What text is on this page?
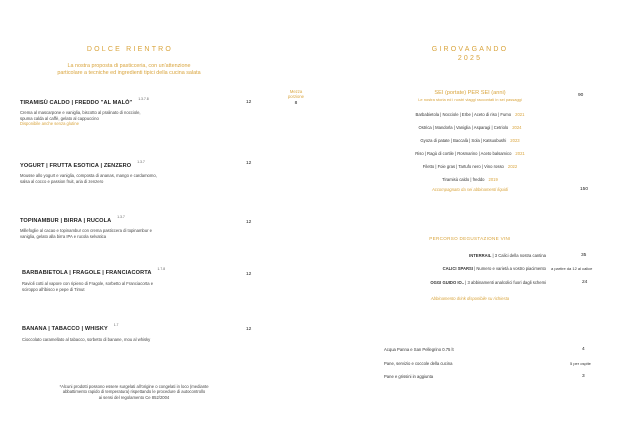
DOLCE RIENTRO
La nostra proposta di pasticceria, con un'attenzione
particolare a tecniche ed ingredienti tipici della cucina salata
TIRAMISÙ CALDO | FREDDO "AL MALÒ"$^{1.3.7.8}$
Crema al mascarpone e vaniglia, biscotto al pralinato di nocciole,
spuma calda al caffè, gelato al cappuccino
Disponibile anche senza glutine
12
YOGURT | FRUTTA ESOTICA | $ZENZERO^{1.3.7}$
Mousse allo yogurt e vaniglia, composta di ananas, mango e cardamomo,
salsa al cocco e passion fruit, aria di zenzero
12
TOPINAMBUR | BIRRA | $RUCOLA^{1.3.7}$
Millefoglie al cacao e topinambur con crema pasticcera di topinambur e
vaniglia, gelato alla birra IPA e rucola selvatica
12
BARBABIETOLA | FRAGOLE | $FRANCIACORTA^{1.7.8}$
Ravioli cotti al vapore con ripieno di Fragole, sorbetto al Franciacorta e
sciroppo all'ibisco e pepe di Timut
12
BANANA | TABACCO | $WHISKY^{1.7}$
Cioccolato caramellato al tabacco, sorbetto di banane, mou al whisky
12
*Alcuni prodotti possono essere surgelati all'origine o congelati in loco (mediante
abbattimento rapido di temperatura) rispettando le procedure di autocontrollo
ai sensi del regolamento Ce 852/2004
Mezza
porzione
8
GIROVAGANDO
2025
SEI (portate) PER SEI (anni)
Le nostra storia ed i nostri viaggi raccontati in sei passaggi
90
Barbabietola | Nocciole | Erbe | Aceto di riso | Fumo 2021
Ostrica | Mandorla | Vaniglia | Asparagi | Cetriolo 2024
Gyoza di patate | Baccalà | Sola | Katsuobushi 2023
Riso | Ragù di cortile | Rosmarino | Aceto balsamico 2021
Filetto | Foie gras | Tartufo nero | Vino rosso 2022
Tiramisù caldo | freddo 2019
Accompagnato da sei abbinamenti liquidi	150
PERCORSO DEGUSTAZIONE VINI
INTERRAIL | 3 Calici della nostra cantina	35
CALICI SPARSI | Numero e varietà a vostro piacimento a partire da 12 al calice
OGGI GUIDO IO.. | 3 abbinamenti analcolici fuori dagli schemi	24
Abbinamento drink disponibile su richiesta
Acqua Panna e San Pellegrino 0.75 lt	4
Pane, servizio e coccole della cucina	5 per ospite
Pane e grissini in aggiunta	3
